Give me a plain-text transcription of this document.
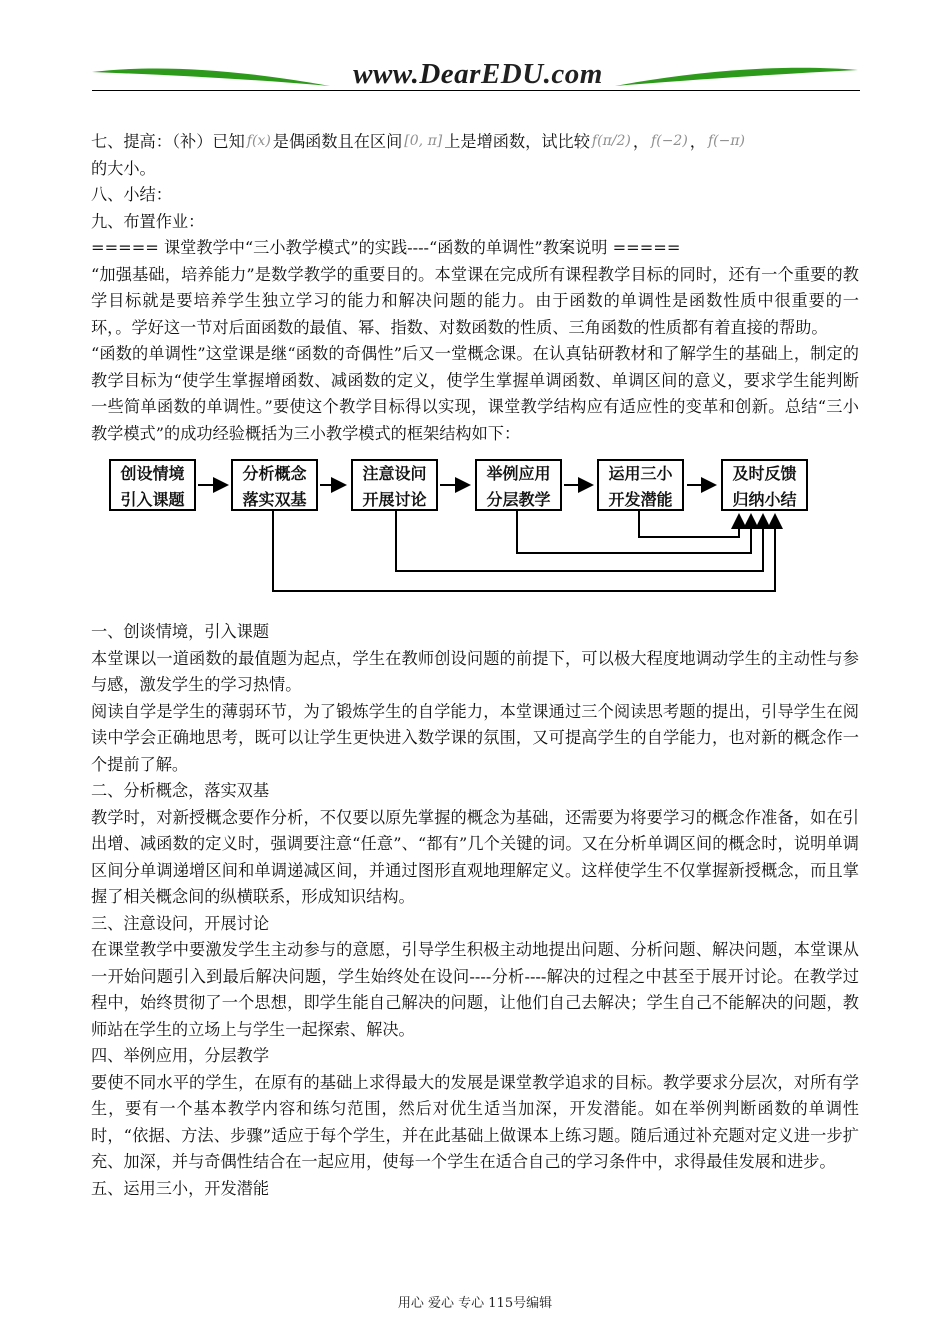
www.DearEDU.com

七、提高：（补）已知 f(x) 是偶函数且在区间 [0, π] 上是增函数，试比较 f(π/2) ， f(−2) ， f(−π)
的大小。

八、小结：

九、布置作业：

===== 课堂教学中“三小教学模式”的实践----“函数的单调性”教案说明 =====

“加强基础，培养能力”是数学教学的重要目的。本堂课在完成所有课程教学目标的同时，还有一个重要的教学目标就是要培养学生独立学习的能力和解决问题的能力。由于函数的单调性是函数性质中很重要的一环，。学好这一节对后面函数的最值、幂、指数、对数函数的性质、三角函数的性质都有着直接的帮助。

“函数的单调性”这堂课是继“函数的奇偶性”后又一堂概念课。在认真钻研教材和了解学生的基础上，制定的教学目标为“使学生掌握增函数、减函数的定义，使学生掌握单调函数、单调区间的意义，要求学生能判断一些简单函数的单调性。”要使这个教学目标得以实现，课堂教学结构应有适应性的变革和创新。总结“三小教学模式”的成功经验概括为三小教学模式的框架结构如下：

创设情境
引入课题
分析概念
落实双基
注意设问
开展讨论
举例应用
分层教学
运用三小
开发潜能
及时反馈
归纳小结

一、创谈情境，引入课题

本堂课以一道函数的最值题为起点，学生在教师创设问题的前提下，可以极大程度地调动学生的主动性与参与感，激发学生的学习热情。

阅读自学是学生的薄弱环节，为了锻炼学生的自学能力，本堂课通过三个阅读思考题的提出，引导学生在阅读中学会正确地思考，既可以让学生更快进入数学课的氛围，又可提高学生的自学能力，也对新的概念作一个提前了解。

二、分析概念，落实双基

教学时，对新授概念要作分析，不仅要以原先掌握的概念为基础，还需要为将要学习的概念作准备，如在引出增、减函数的定义时，强调要注意“任意”、“都有”几个关键的词。又在分析单调区间的概念时，说明单调区间分单调递增区间和单调递减区间，并通过图形直观地理解定义。这样使学生不仅掌握新授概念，而且掌握了相关概念间的纵横联系，形成知识结构。

三、注意设问，开展讨论

在课堂教学中要激发学生主动参与的意愿，引导学生积极主动地提出问题、分析问题、解决问题，本堂课从一开始问题引入到最后解决问题，学生始终处在设问----分析----解决的过程之中甚至于展开讨论。在教学过程中，始终贯彻了一个思想，即学生能自己解决的问题，让他们自己去解决；学生自己不能解决的问题，教师站在学生的立场上与学生一起探索、解决。

四、举例应用，分层教学

要使不同水平的学生，在原有的基础上求得最大的发展是课堂教学追求的目标。教学要求分层次，对所有学生，要有一个基本教学内容和练匀范围，然后对优生适当加深，开发潜能。如在举例判断函数的单调性时，“依据、方法、步骤”适应于每个学生，并在此基础上做课本上练习题。随后通过补充题对定义进一步扩充、加深，并与奇偶性结合在一起应用，使每一个学生在适合自己的学习条件中，求得最佳发展和进步。

五、运用三小，开发潜能

用心 爱心 专心 115号编辑
